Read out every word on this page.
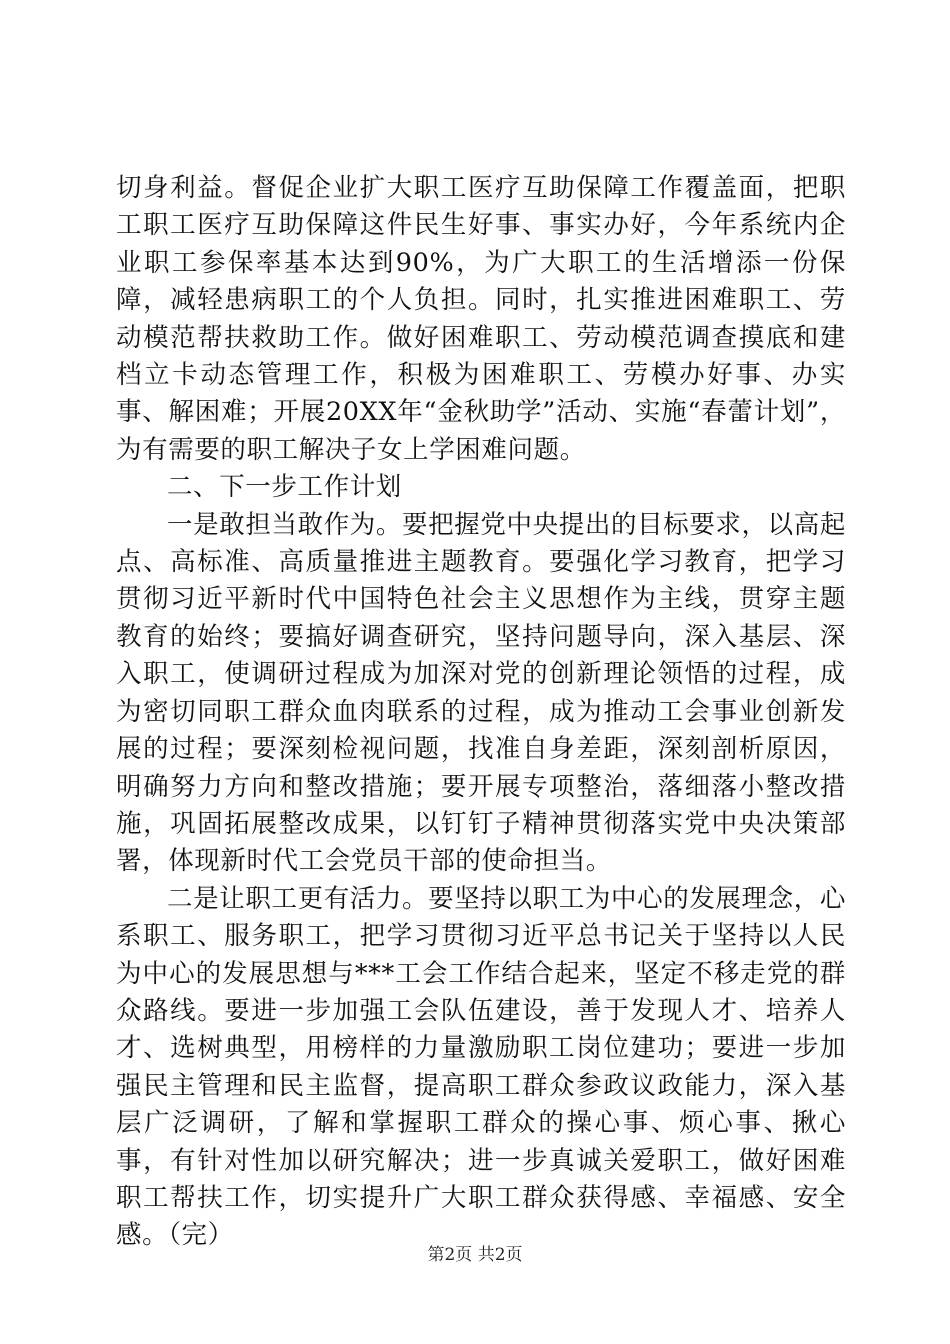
切身利益。督促企业扩大职工医疗互助保障工作覆盖面，把职工职工医疗互助保障这件民生好事、事实办好，今年系统内企业职工参保率基本达到90%，为广大职工的生活增添一份保障，减轻患病职工的个人负担。同时，扎实推进困难职工、劳动模范帮扶救助工作。做好困难职工、劳动模范调查摸底和建档立卡动态管理工作，积极为困难职工、劳模办好事、办实事、解困难；开展20XX年“金秋助学”活动、实施“春蕾计划”，为有需要的职工解决子女上学困难问题。

二、下一步工作计划

一是敢担当敢作为。要把握党中央提出的目标要求，以高起点、高标准、高质量推进主题教育。要强化学习教育，把学习贯彻习近平新时代中国特色社会主义思想作为主线，贯穿主题教育的始终；要搞好调查研究，坚持问题导向，深入基层、深入职工，使调研过程成为加深对党的创新理论领悟的过程，成为密切同职工群众血肉联系的过程，成为推动工会事业创新发展的过程；要深刻检视问题，找准自身差距，深刻剖析原因，明确努力方向和整改措施；要开展专项整治，落细落小整改措施，巩固拓展整改成果，以钉钉子精神贯彻落实党中央决策部署，体现新时代工会党员干部的使命担当。

二是让职工更有活力。要坚持以职工为中心的发展理念，心系职工、服务职工，把学习贯彻习近平总书记关于坚持以人民为中心的发展思想与***工会工作结合起来，坚定不移走党的群众路线。要进一步加强工会队伍建设，善于发现人才、培养人才、选树典型，用榜样的力量激励职工岗位建功；要进一步加强民主管理和民主监督，提高职工群众参政议政能力，深入基层广泛调研，了解和掌握职工群众的操心事、烦心事、揪心事，有针对性加以研究解决；进一步真诚关爱职工，做好困难职工帮扶工作，切实提升广大职工群众获得感、幸福感、安全感。（完）

第2页 共2页
